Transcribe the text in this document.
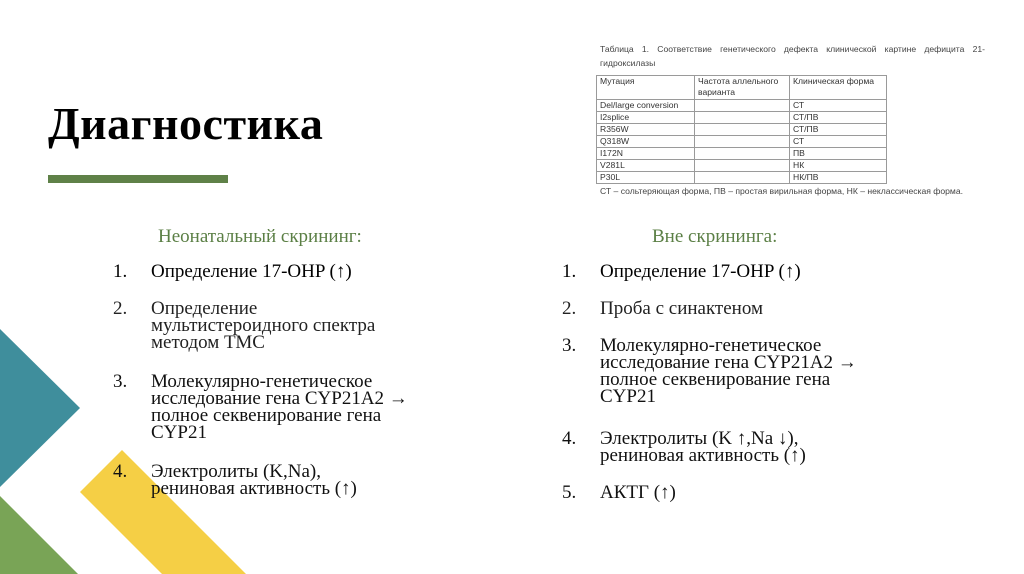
Диагностика
Таблица 1. Соответствие генетического дефекта клинической картине дефицита 21-гидроксилазы
Мутация	Частота аллельного варианта	Клиническая форма
Del/large conversion		СТ
I2splice		СТ/ПВ
R356W		СТ/ПВ
Q318W		СТ
I172N		ПВ
V281L		НК
P30L		НК/ПВ
СТ – сольтеряющая форма, ПВ – простая вирильная форма, НК – неклассическая форма.
Неонатальный скрининг:
1. Определение 17-OHP (↑)
2. Определение мультистероидного спектра методом ТМС
3. Молекулярно-генетическое исследование гена CYP21A2 → полное секвенирование гена CYP21
4. Электролиты (K,Na), рениновая активность (↑)
Вне скрининга:
1. Определение 17-OHP (↑)
2. Проба с синактеном
3. Молекулярно-генетическое исследование гена CYP21A2 → полное секвенирование гена CYP21
4. Электролиты (K ↑,Na ↓), рениновая активность (↑)
5. АКТГ (↑)
